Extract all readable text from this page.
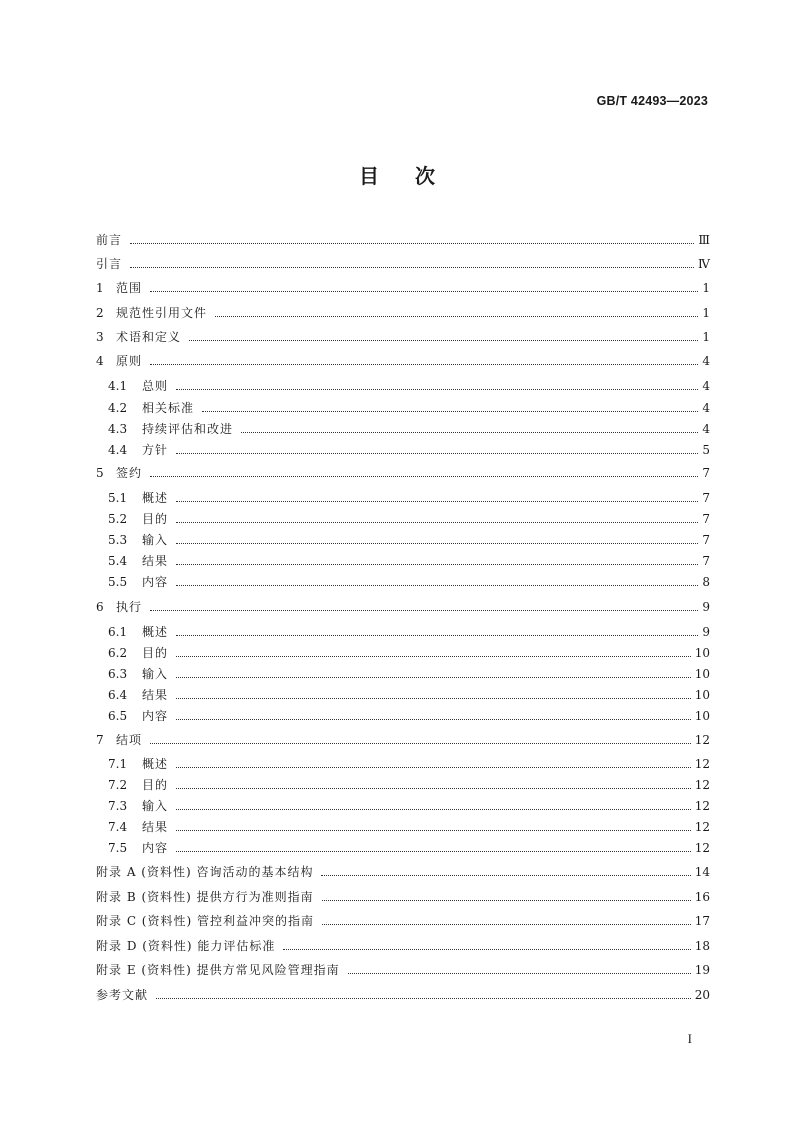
GB/T 42493—2023
目次
前言	Ⅲ
引言	Ⅳ
1 范围	1
2 规范性引用文件	1
3 术语和定义	1
4 原则	4
4.1 总则	4
4.2 相关标准	4
4.3 持续评估和改进	4
4.4 方针	5
5 签约	7
5.1 概述	7
5.2 目的	7
5.3 输入	7
5.4 结果	7
5.5 内容	8
6 执行	9
6.1 概述	9
6.2 目的	10
6.3 输入	10
6.4 结果	10
6.5 内容	10
7 结项	12
7.1 概述	12
7.2 目的	12
7.3 输入	12
7.4 结果	12
7.5 内容	12
附录 A (资料性) 咨询活动的基本结构	14
附录 B (资料性) 提供方行为准则指南	16
附录 C (资料性) 管控利益冲突的指南	17
附录 D (资料性) 能力评估标准	18
附录 E (资料性) 提供方常见风险管理指南	19
参考文献	20
I
